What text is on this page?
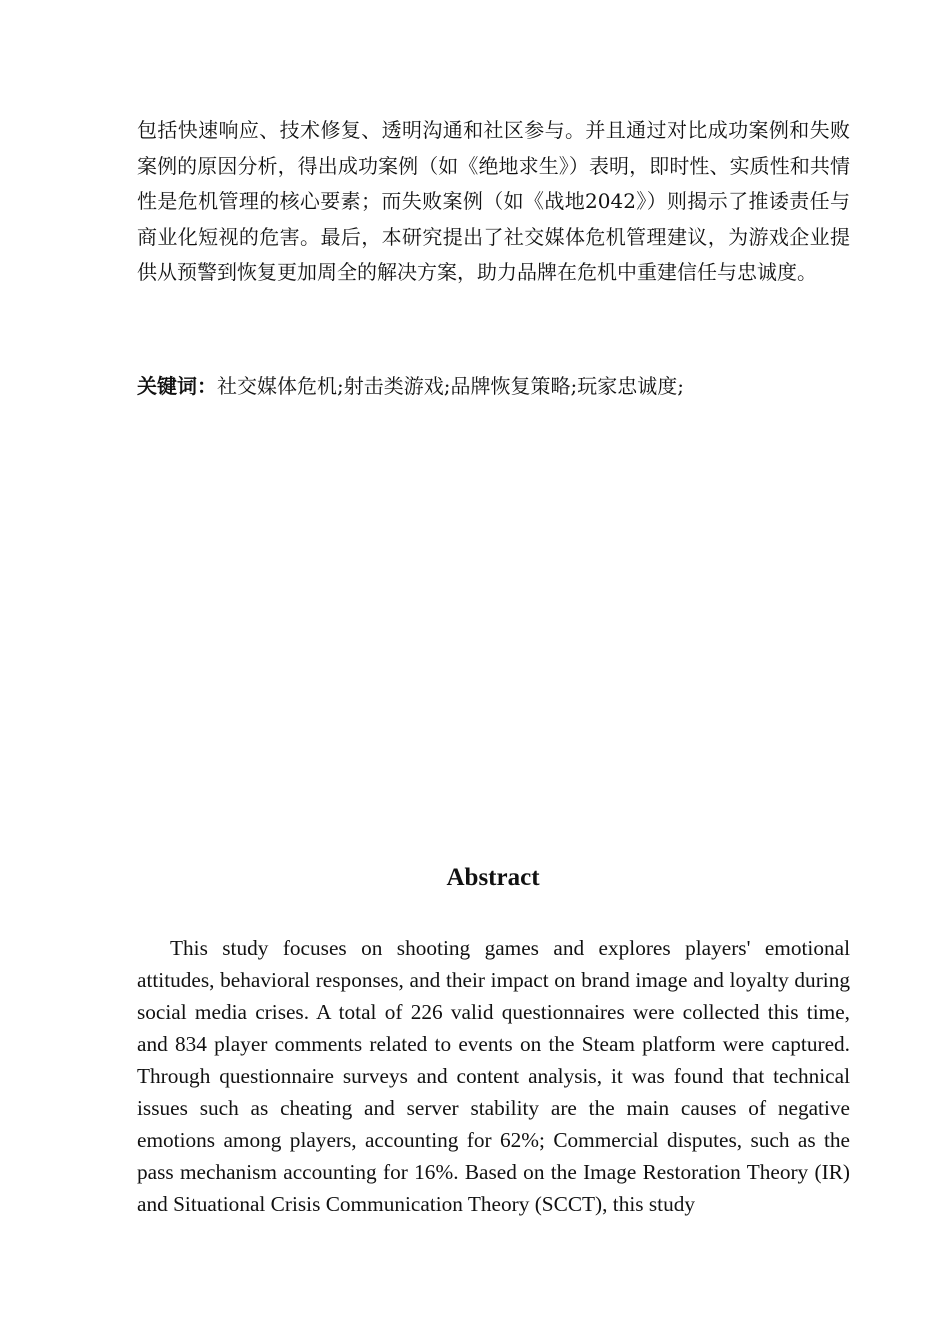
包括快速响应、技术修复、透明沟通和社区参与。并且通过对比成功案例和失败案例的原因分析，得出成功案例（如《绝地求生》）表明，即时性、实质性和共情性是危机管理的核心要素；而失败案例（如《战地2042》）则揭示了推诿责任与商业化短视的危害。最后，本研究提出了社交媒体危机管理建议，为游戏企业提供从预警到恢复更加周全的解决方案，助力品牌在危机中重建信任与忠诚度。

关键词：社交媒体危机;射击类游戏;品牌恢复策略;玩家忠诚度;

Abstract

This study focuses on shooting games and explores players' emotional attitudes, behavioral responses, and their impact on brand image and loyalty during social media crises. A total of 226 valid questionnaires were collected this time, and 834 player comments related to events on the Steam platform were captured. Through questionnaire surveys and content analysis, it was found that technical issues such as cheating and server stability are the main causes of negative emotions among players, accounting for 62%; Commercial disputes, such as the pass mechanism accounting for 16%. Based on the Image Restoration Theory (IR) and Situational Crisis Communication Theory (SCCT), this study
